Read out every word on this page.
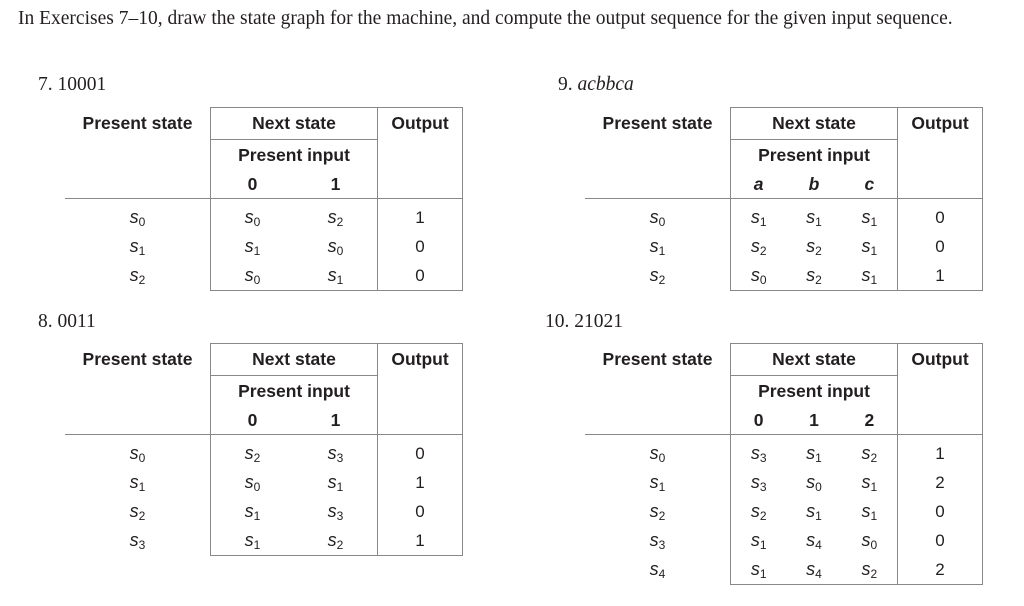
In Exercises 7–10, draw the state graph for the machine, and compute the output sequence for the given input sequence.
7. 10001
Present state	Next state	Output
	Present input	

	0 1	

$s_0$	$s_0$ $s_2$	1
$s_1$	$s_1$ $s_0$	0
$s_2$	$s_0$ $s_1$	0
9. acbbca
Present state	Next state	Output
	Present input	

	a b c	

$s_0$	$s_1$ $s_1$ $s_1$	0
$s_1$	$s_2$ $s_2$ $s_1$	0
$s_2$	$s_0$ $s_2$ $s_1$	1
8. 0011
Present state	Next state	Output
	Present input	

	0 1	

$s_0$	$s_2$ $s_3$	0
$s_1$	$s_0$ $s_1$	1
$s_2$	$s_1$ $s_3$	0
$s_3$	$s_1$ $s_2$	1
10. 21021
Present state	Next state	Output
	Present input	

	0 1 2	

$s_0$	$s_3$ $s_1$ $s_2$	1
$s_1$	$s_3$ $s_0$ $s_1$	2
$s_2$	$s_2$ $s_1$ $s_1$	0
$s_3$	$s_1$ $s_4$ $s_0$	0
$s_4$	$s_1$ $s_4$ $s_2$	2
